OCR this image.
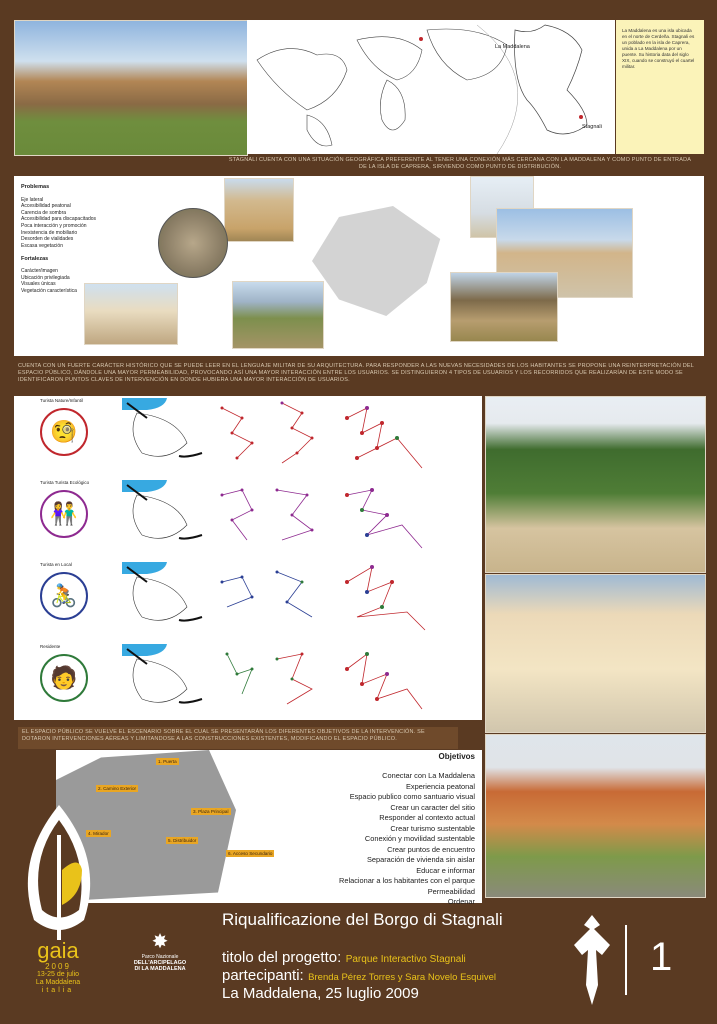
La Maddalena
Stagnali
La Maddalena es una isla ubicada en el norte de Cerdeña. Stagnali es un poblado en la isla de Caprera, unida a La Maddalena por un puente. Su historia data del siglo XIX, cuando se construyó el cuartel militar.
STAGNALI CUENTA CON UNA SITUACIÓN GEOGRÁFICA PREFERENTE AL TENER UNA CONEXIÓN MÁS CERCANA CON LA MADDALENA Y COMO PUNTO DE ENTRADA DE LA ISLA DE CAPRERA, SIRVIENDO COMO PUNTO DE DISTRIBUCIÓN.
Problemas
Eje lateral
Accesibilidad peatonal
Carencia de sombra
Accesibilidad para discapacitados
Poca interacción y promoción
Inexistencia de mobiliario
Desorden de vialidades
Escasa vegetación
Fortalezas
Carácter/imagen
Ubicación privilegiada
Visuales únicas
Vegetación característica
CUENTA CON UN FUERTE CARÁCTER HISTÓRICO QUE SE PUEDE LEER EN EL LENGUAJE MILITAR DE SU ARQUITECTURA. PARA RESPONDER A LAS NUEVAS NECESIDADES DE LOS HABITANTES SE PROPONE UNA REINTERPRETACIÓN DEL ESPACIO PÚBLICO, DÁNDOLE UNA MAYOR PERMEABILIDAD, PROVOCANDO ASÍ UNA MAYOR INTERACCIÓN ENTRE LOS USUARIOS. SE DISTINGUIERON 4 TIPOS DE USUARIOS Y LOS RECORRIDOS QUE REALIZARÍAN DE ESTE MODO SE IDENTIFICARON PUNTOS CLAVES DE INTERVENCIÓN EN DONDE HUBIERA UNA MAYOR INTERACCIÓN DE USUARIOS.
Turista Nature/Infantil
🧐
Turista Turista Ecológico
👫
Turista en Local
🚴
Residente
🧑
EL ESPACIO PÚBLICO SE VUELVE EL ESCENARIO SOBRE EL CUAL SE PRESENTARÁN LOS DIFERENTES OBJETIVOS DE LA INTERVENCIÓN. SE DOTARON INTERVENCIONES AÉREAS Y LIMITANDOSE A LAS CONSTRUCCIONES EXISTENTES, MODIFICANDO EL ESPACIO PÚBLICO.
1. Puerta
2. Camino Exterior
3. Plaza Principal
4. Mirador
5. Distribuidor
6. Acceso Secundario
Objetivos
Conectar con La Maddalena
Experiencia peatonal
Espacio publico como santuario visual
Crear un caracter del sitio
Responder al contexto actual
Crear turismo sustentable
Conexión y movilidad sustentable
Crear puntos de encuentro
Separación de vivienda sin aislar
Educar e informar
Relacionar a los habitantes con el parque
Permeabilidad
Ordenar
gaia
2009
13-25 de julio
La Maddalena
italia
✸
Parco Nazionale
DELL'ARCIPELAGO
DI LA MADDALENA
Riqualificazione del Borgo di Stagnali
titolo del progetto: Parque Interactivo Stagnali
partecipanti: Brenda Pérez Torres y Sara Novelo Esquivel
La Maddalena, 25 luglio 2009
1
